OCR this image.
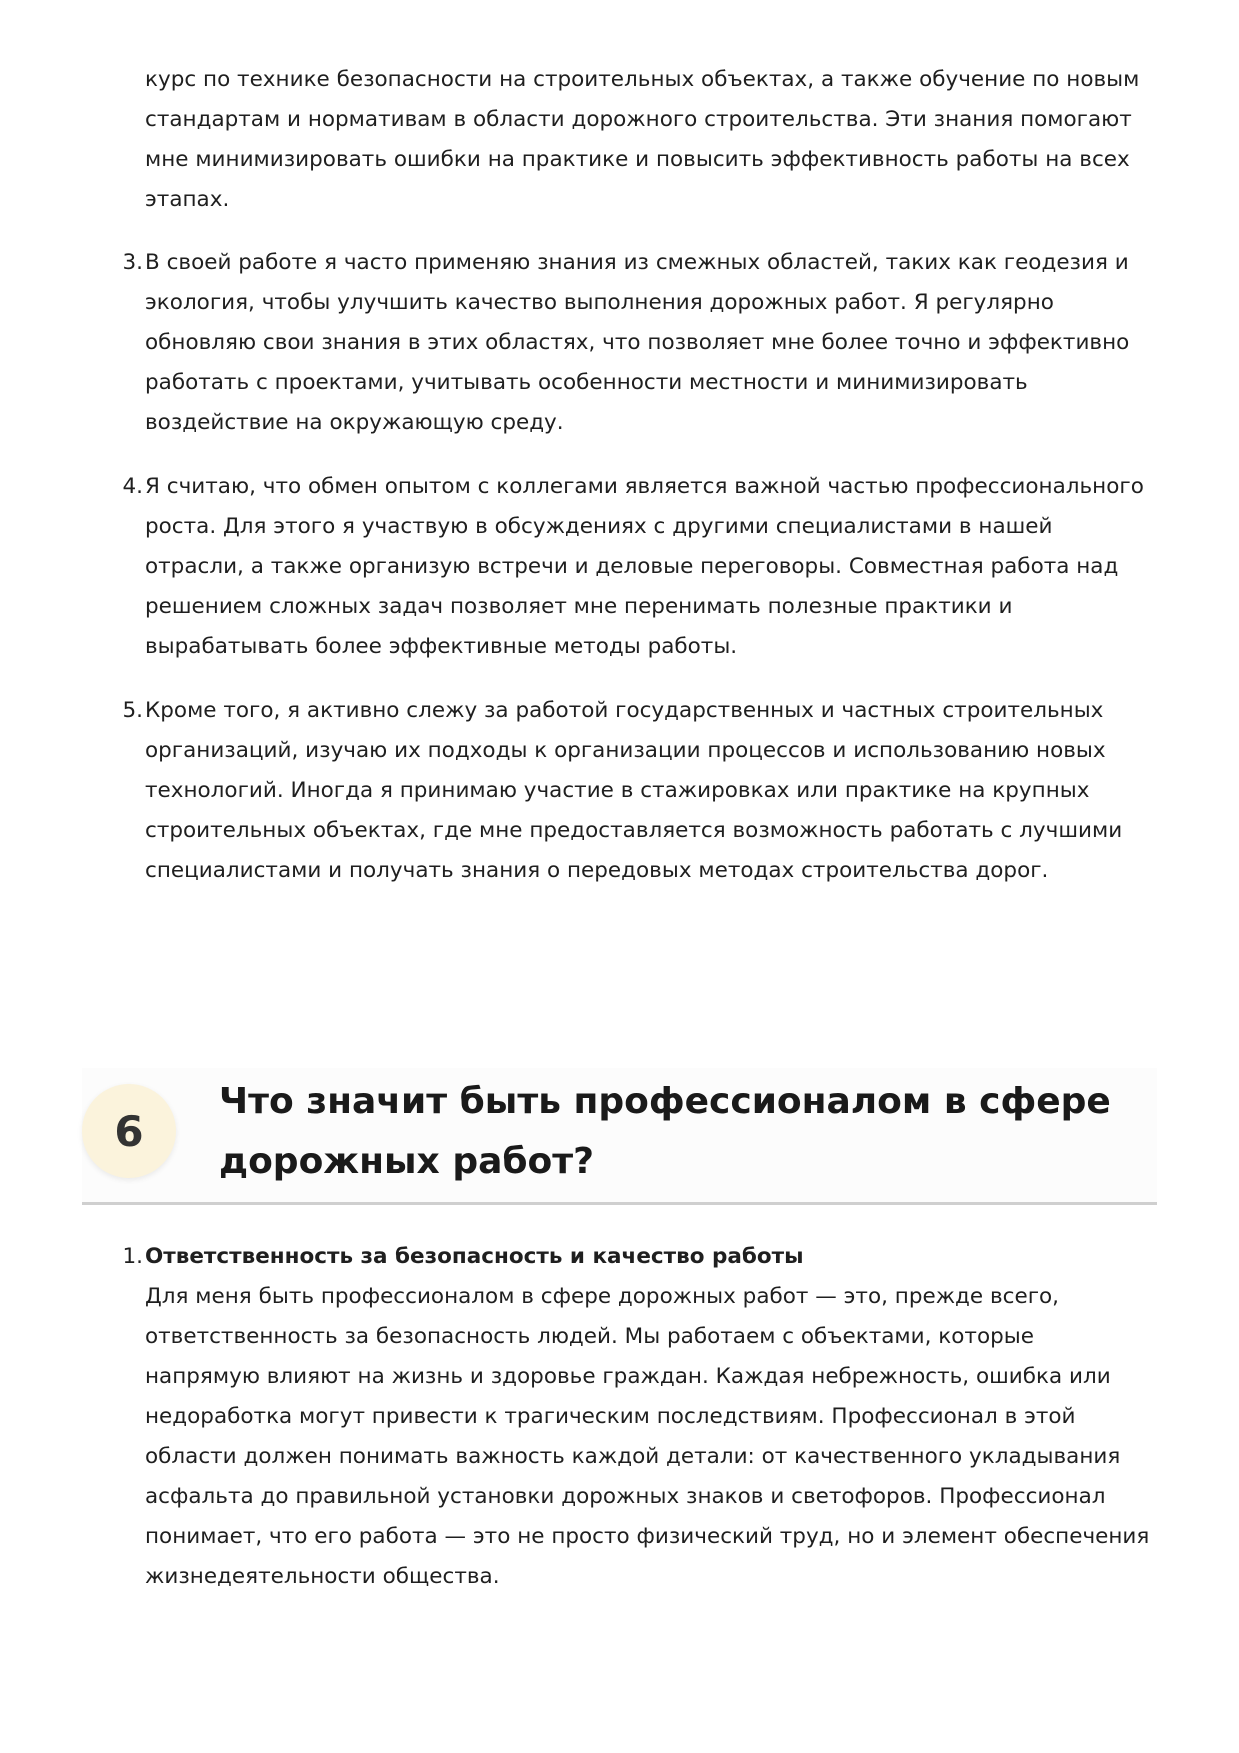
курс по технике безопасности на строительных объектах, а также обучение по новым стандартам и нормативам в области дорожного строительства. Эти знания помогают мне минимизировать ошибки на практике и повысить эффективность работы на всех этапах.

3. В своей работе я часто применяю знания из смежных областей, таких как геодезия и экология, чтобы улучшить качество выполнения дорожных работ. Я регулярно обновляю свои знания в этих областях, что позволяет мне более точно и эффективно работать с проектами, учитывать особенности местности и минимизировать воздействие на окружающую среду.
4. Я считаю, что обмен опытом с коллегами является важной частью профессионального роста. Для этого я участвую в обсуждениях с другими специалистами в нашей отрасли, а также организую встречи и деловые переговоры. Совместная работа над решением сложных задач позволяет мне перенимать полезные практики и вырабатывать более эффективные методы работы.
5. Кроме того, я активно слежу за работой государственных и частных строительных организаций, изучаю их подходы к организации процессов и использованию новых технологий. Иногда я принимаю участие в стажировках или практике на крупных строительных объектах, где мне предоставляется возможность работать с лучшими специалистами и получать знания о передовых методах строительства дорог.
6
Что значит быть профессионалом в сфере дорожных работ?
1. Ответственность за безопасность и качество работы
Для меня быть профессионалом в сфере дорожных работ — это, прежде всего, ответственность за безопасность людей. Мы работаем с объектами, которые напрямую влияют на жизнь и здоровье граждан. Каждая небрежность, ошибка или недоработка могут привести к трагическим последствиям. Профессионал в этой области должен понимать важность каждой детали: от качественного укладывания асфальта до правильной установки дорожных знаков и светофоров. Профессионал понимает, что его работа — это не просто физический труд, но и элемент обеспечения жизнедеятельности общества.
